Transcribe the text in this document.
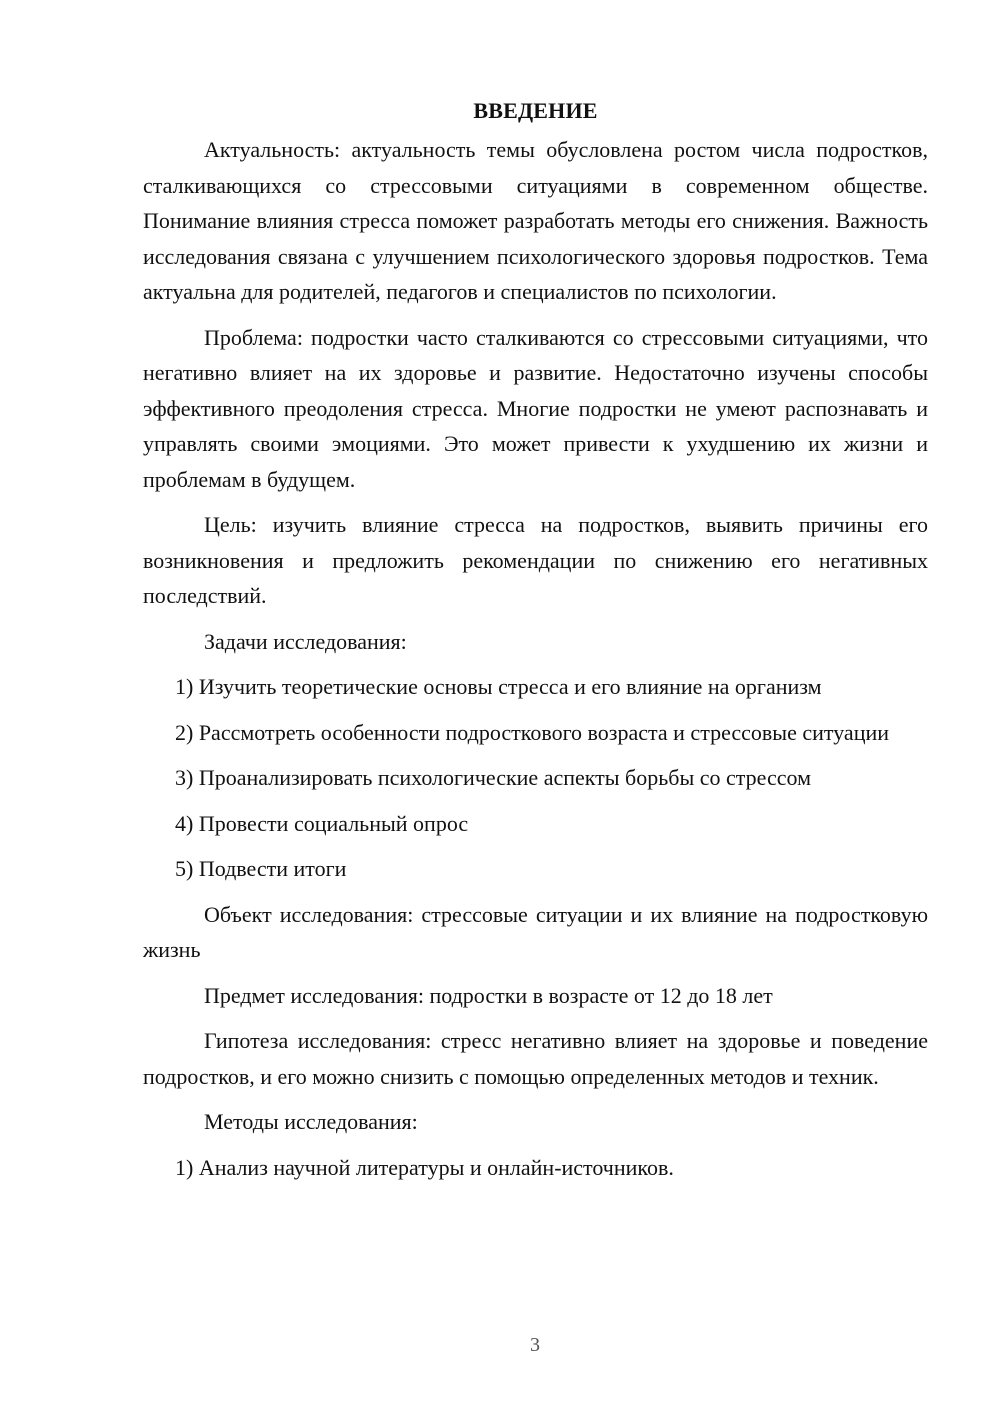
ВВЕДЕНИЕ

Актуальность: актуальность темы обусловлена ростом числа подростков, сталкивающихся со стрессовыми ситуациями в современном обществе. Понимание влияния стресса поможет разработать методы его снижения. Важность исследования связана с улучшением психологического здоровья подростков. Тема актуальна для родителей, педагогов и специалистов по психологии.

Проблема: подростки часто сталкиваются со стрессовыми ситуациями, что негативно влияет на их здоровье и развитие. Недостаточно изучены способы эффективного преодоления стресса. Многие подростки не умеют распознавать и управлять своими эмоциями. Это может привести к ухудшению их жизни и проблемам в будущем.

Цель: изучить влияние стресса на подростков, выявить причины его возникновения и предложить рекомендации по снижению его негативных последствий.

Задачи исследования:

1) Изучить теоретические основы стресса и его влияние на организм

2) Рассмотреть особенности подросткового возраста и стрессовые ситуации

3) Проанализировать психологические аспекты борьбы со стрессом

4) Провести социальный опрос

5) Подвести итоги

Объект исследования: стрессовые ситуации и их влияние на подростковую жизнь

Предмет исследования: подростки в возрасте от 12 до 18 лет

Гипотеза исследования: стресс негативно влияет на здоровье и поведение подростков, и его можно снизить с помощью определенных методов и техник.

Методы исследования:

1) Анализ научной литературы и онлайн-источников.

3
